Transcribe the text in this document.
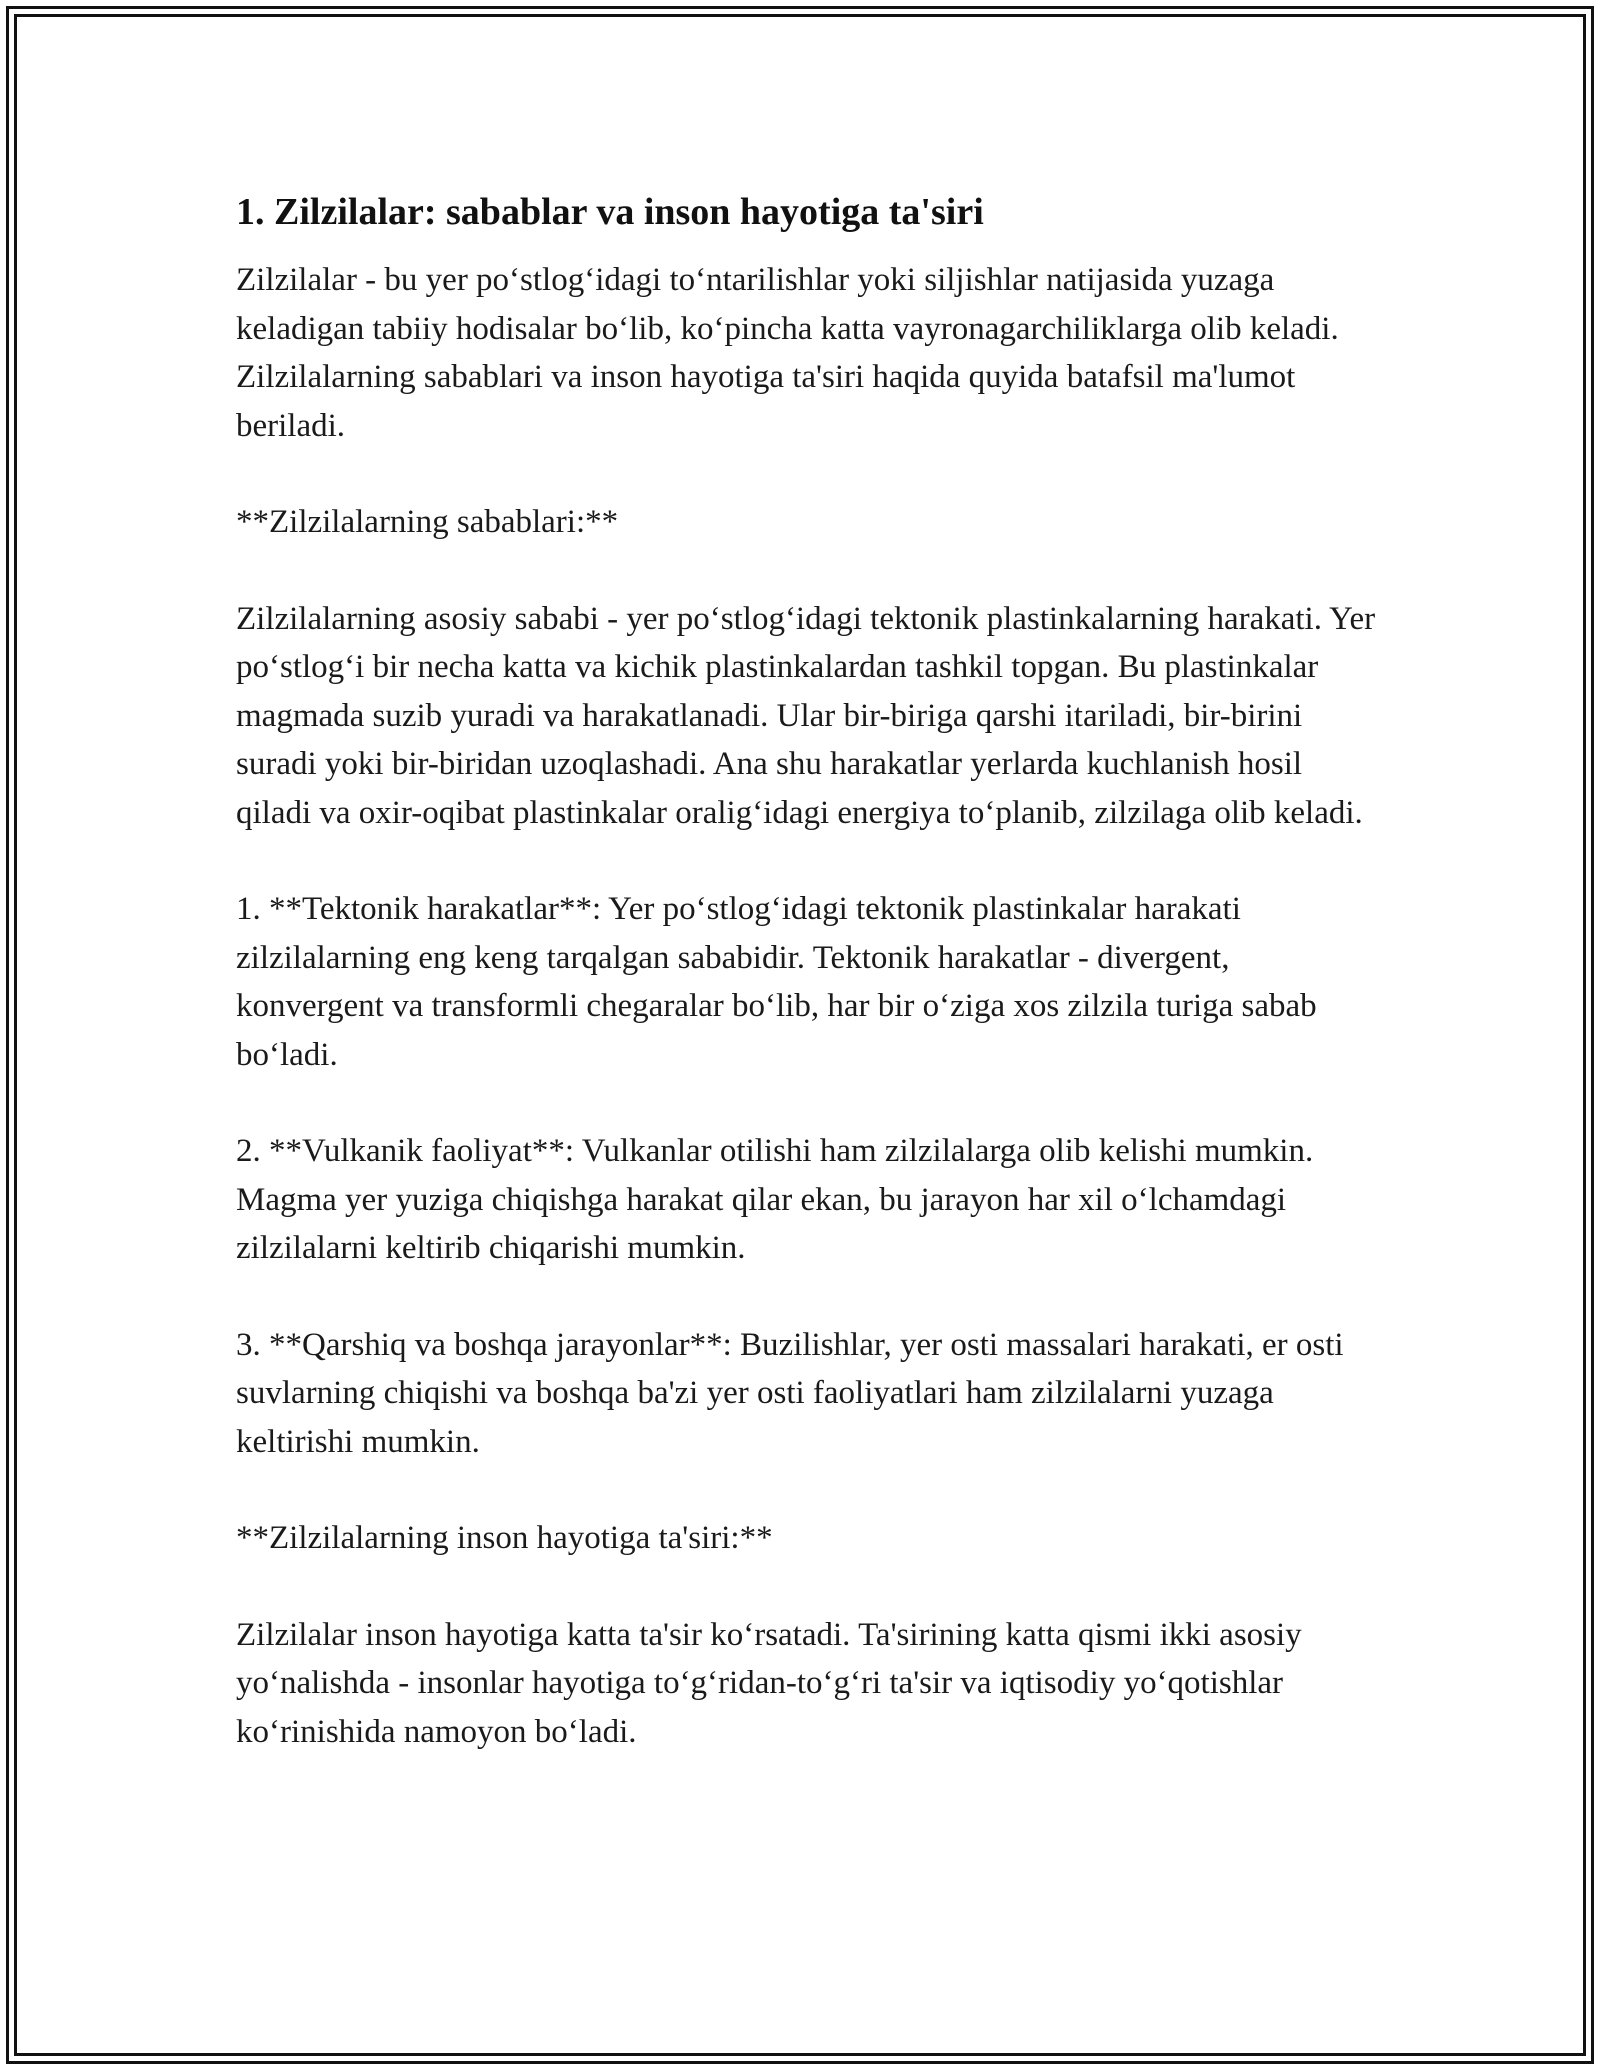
1. Zilzilalar: sabablar va inson hayotiga ta'siri

Zilzilalar - bu yer po‘stlog‘idagi to‘ntarilishlar yoki siljishlar natijasida yuzaga keladigan tabiiy hodisalar bo‘lib, ko‘pincha katta vayronagarchiliklarga olib keladi. Zilzilalarning sabablari va inson hayotiga ta'siri haqida quyida batafsil ma'lumot beriladi.

**Zilzilalarning sabablari:**

Zilzilalarning asosiy sababi - yer po‘stlog‘idagi tektonik plastinkalarning harakati. Yer po‘stlog‘i bir necha katta va kichik plastinkalardan tashkil topgan. Bu plastinkalar magmada suzib yuradi va harakatlanadi. Ular bir-biriga qarshi itariladi, bir-birini suradi yoki bir-biridan uzoqlashadi. Ana shu harakatlar yerlarda kuchlanish hosil qiladi va oxir-oqibat plastinkalar oralig‘idagi energiya to‘planib, zilzilaga olib keladi.

1. **Tektonik harakatlar**: Yer po‘stlog‘idagi tektonik plastinkalar harakati zilzilalarning eng keng tarqalgan sababidir. Tektonik harakatlar - divergent, konvergent va transformli chegaralar bo‘lib, har bir o‘ziga xos zilzila turiga sabab bo‘ladi.

2. **Vulkanik faoliyat**: Vulkanlar otilishi ham zilzilalarga olib kelishi mumkin. Magma yer yuziga chiqishga harakat qilar ekan, bu jarayon har xil o‘lchamdagi zilzilalarni keltirib chiqarishi mumkin.

3. **Qarshiq va boshqa jarayonlar**: Buzilishlar, yer osti massalari harakati, er osti suvlarning chiqishi va boshqa ba'zi yer osti faoliyatlari ham zilzilalarni yuzaga keltirishi mumkin.

**Zilzilalarning inson hayotiga ta'siri:**

Zilzilalar inson hayotiga katta ta'sir ko‘rsatadi. Ta'sirining katta qismi ikki asosiy yo‘nalishda - insonlar hayotiga to‘g‘ridan-to‘g‘ri ta'sir va iqtisodiy yo‘qotishlar ko‘rinishida namoyon bo‘ladi.
